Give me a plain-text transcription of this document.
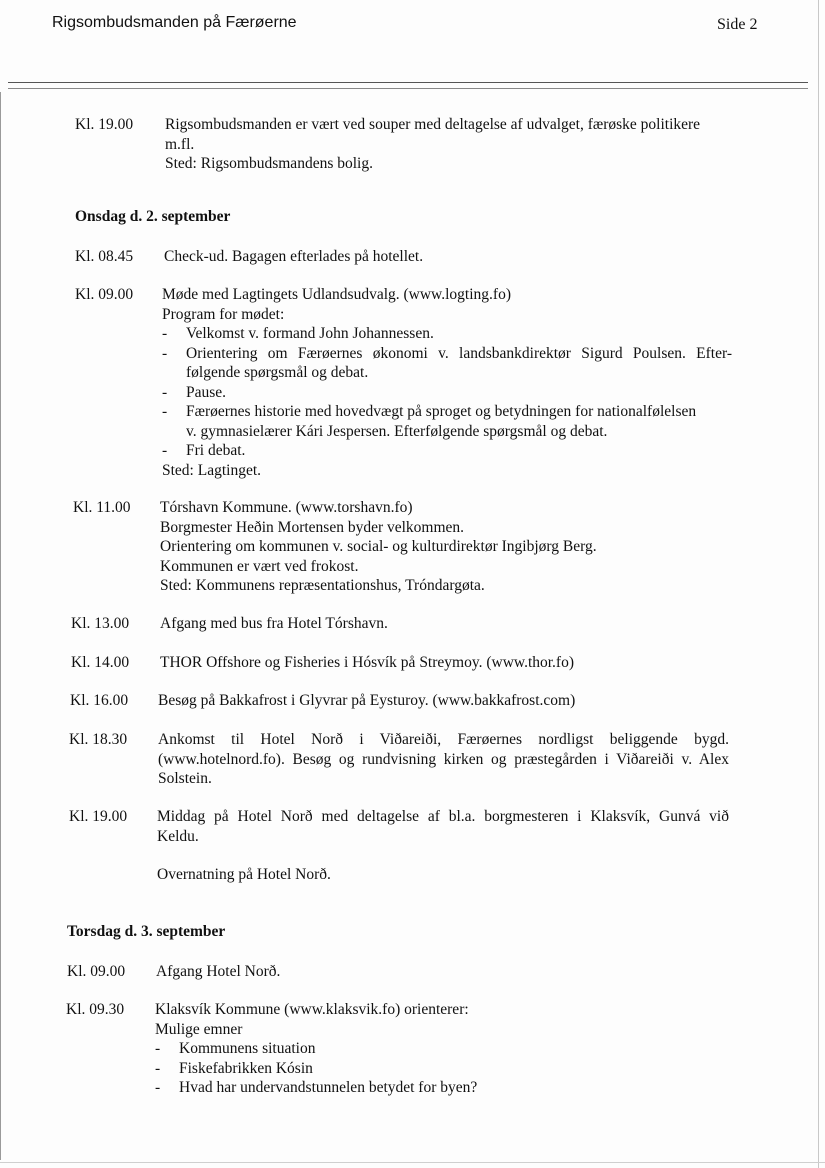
Rigsombudsmanden på Færøerne	Side 2
Kl. 19.00 Rigsombudsmanden er vært ved souper med deltagelse af udvalget, færøske politikere
m.fl.
Sted: Rigsombudsmandens bolig.
Onsdag d. 2. september
Kl. 08.45 Check-ud. Bagagen efterlades på hotellet.
Kl. 09.00 Møde med Lagtingets Udlandsudvalg. (www.logting.fo)
Program for mødet:
-	Velkomst v. formand John Johannessen.
-	Orientering om Færøernes økonomi v. landsbankdirektør Sigurd Poulsen. Efter-
følgende spørgsmål og debat.
-	Pause.
-	Færøernes historie med hovedvægt på sproget og betydningen for nationalfølelsen
v. gymnasielærer Kári Jespersen. Efterfølgende spørgsmål og debat.
-	Fri debat.
Sted: Lagtinget.
Kl. 11.00 Tórshavn Kommune. (www.torshavn.fo)
Borgmester Heðin Mortensen byder velkommen.
Orientering om kommunen v. social- og kulturdirektør Ingibjørg Berg.
Kommunen er vært ved frokost.
Sted: Kommunens repræsentationshus, Tróndargøta.
Kl. 13.00 Afgang med bus fra Hotel Tórshavn.
Kl. 14.00 THOR Offshore og Fisheries i Hósvík på Streymoy. (www.thor.fo)
Kl. 16.00 Besøg på Bakkafrost i Glyvrar på Eysturoy. (www.bakkafrost.com)
Kl. 18.30 Ankomst til Hotel Norð i Viðareiði, Færøernes nordligst beliggende bygd.
(www.hotelnord.fo). Besøg og rundvisning kirken og præstegården i Viðareiði v. Alex
Solstein.
Kl. 19.00 Middag på Hotel Norð med deltagelse af bl.a. borgmesteren i Klaksvík, Gunvá við
Keldu.
Overnatning på Hotel Norð.
Torsdag d. 3. september
Kl. 09.00 Afgang Hotel Norð.
Kl. 09.30 Klaksvík Kommune (www.klaksvik.fo) orienterer:
Mulige emner
-	Kommunens situation
-	Fiskefabrikken Kósin
-	Hvad har undervandstunnelen betydet for byen?
